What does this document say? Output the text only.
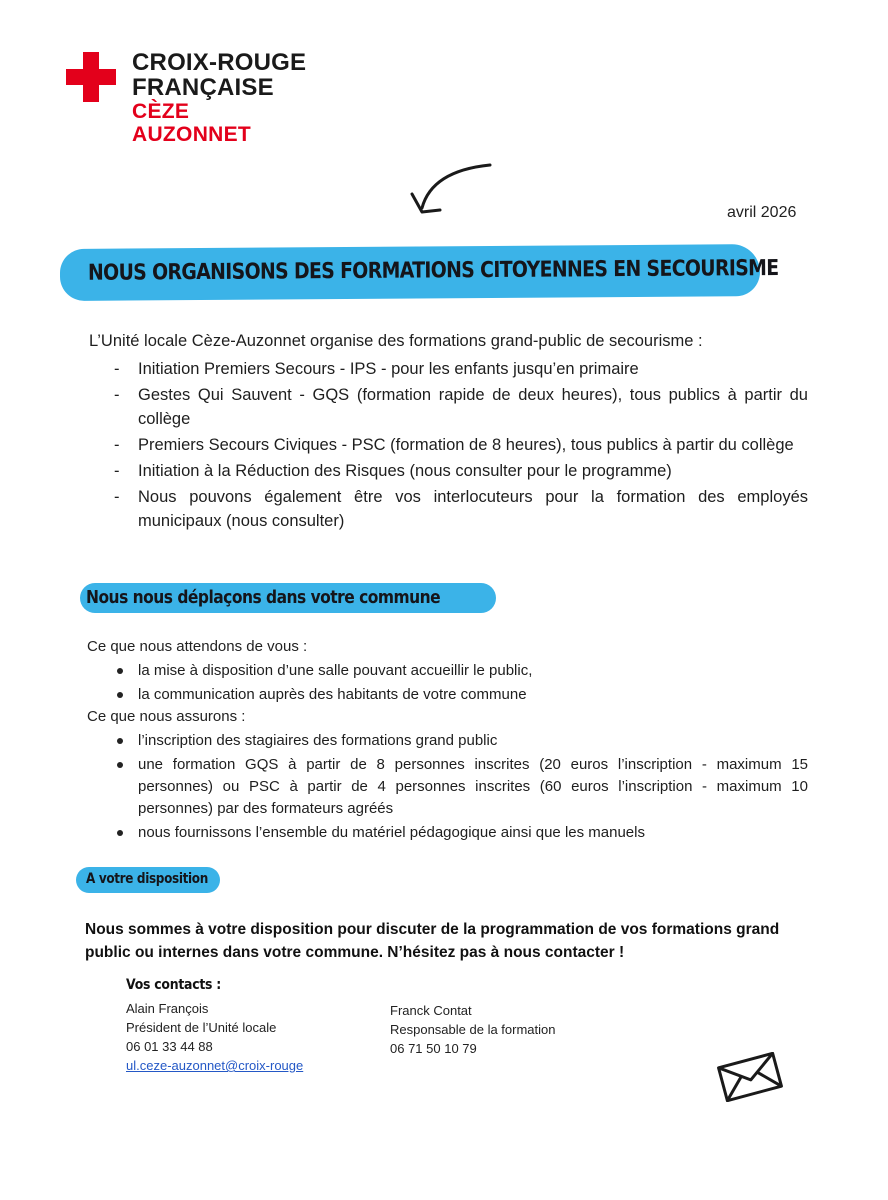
CROIX-ROUGE
FRANÇAISE
CÈZE
AUZONNET
avril 2026
NOUS ORGANISONS DES FORMATIONS CITOYENNES EN SECOURISME
L’Unité locale Cèze-Auzonnet organise des formations grand-public de secourisme :
- Initiation Premiers Secours - IPS - pour les enfants jusqu’en primaire
- Gestes Qui Sauvent - GQS (formation rapide de deux heures), tous publics à partir du collège
- Premiers Secours Civiques - PSC (formation de 8 heures), tous publics à partir du collège
- Initiation à la Réduction des Risques (nous consulter pour le programme)
- Nous pouvons également être vos interlocuteurs pour la formation des employés municipaux (nous consulter)
Nous nous déplaçons dans votre commune
Ce que nous attendons de vous :
la mise à disposition d’une salle pouvant accueillir le public,
la communication auprès des habitants de votre commune
Ce que nous assurons :
l’inscription des stagiaires des formations grand public
une formation GQS à partir de 8 personnes inscrites (20 euros l’inscription - maximum 15 personnes) ou PSC à partir de 4 personnes inscrites (60 euros l’inscription - maximum 10 personnes) par des formateurs agréés
nous fournissons l’ensemble du matériel pédagogique ainsi que les manuels
A votre disposition
Nous sommes à votre disposition pour discuter de la programmation de vos formations grand public ou internes dans votre commune. N’hésitez pas à nous contacter !
Vos contacts :
Alain François
Président de l’Unité locale
06 01 33 44 88
ul.ceze-auzonnet@croix-rouge
Franck Contat
Responsable de la formation
06 71 50 10 79
